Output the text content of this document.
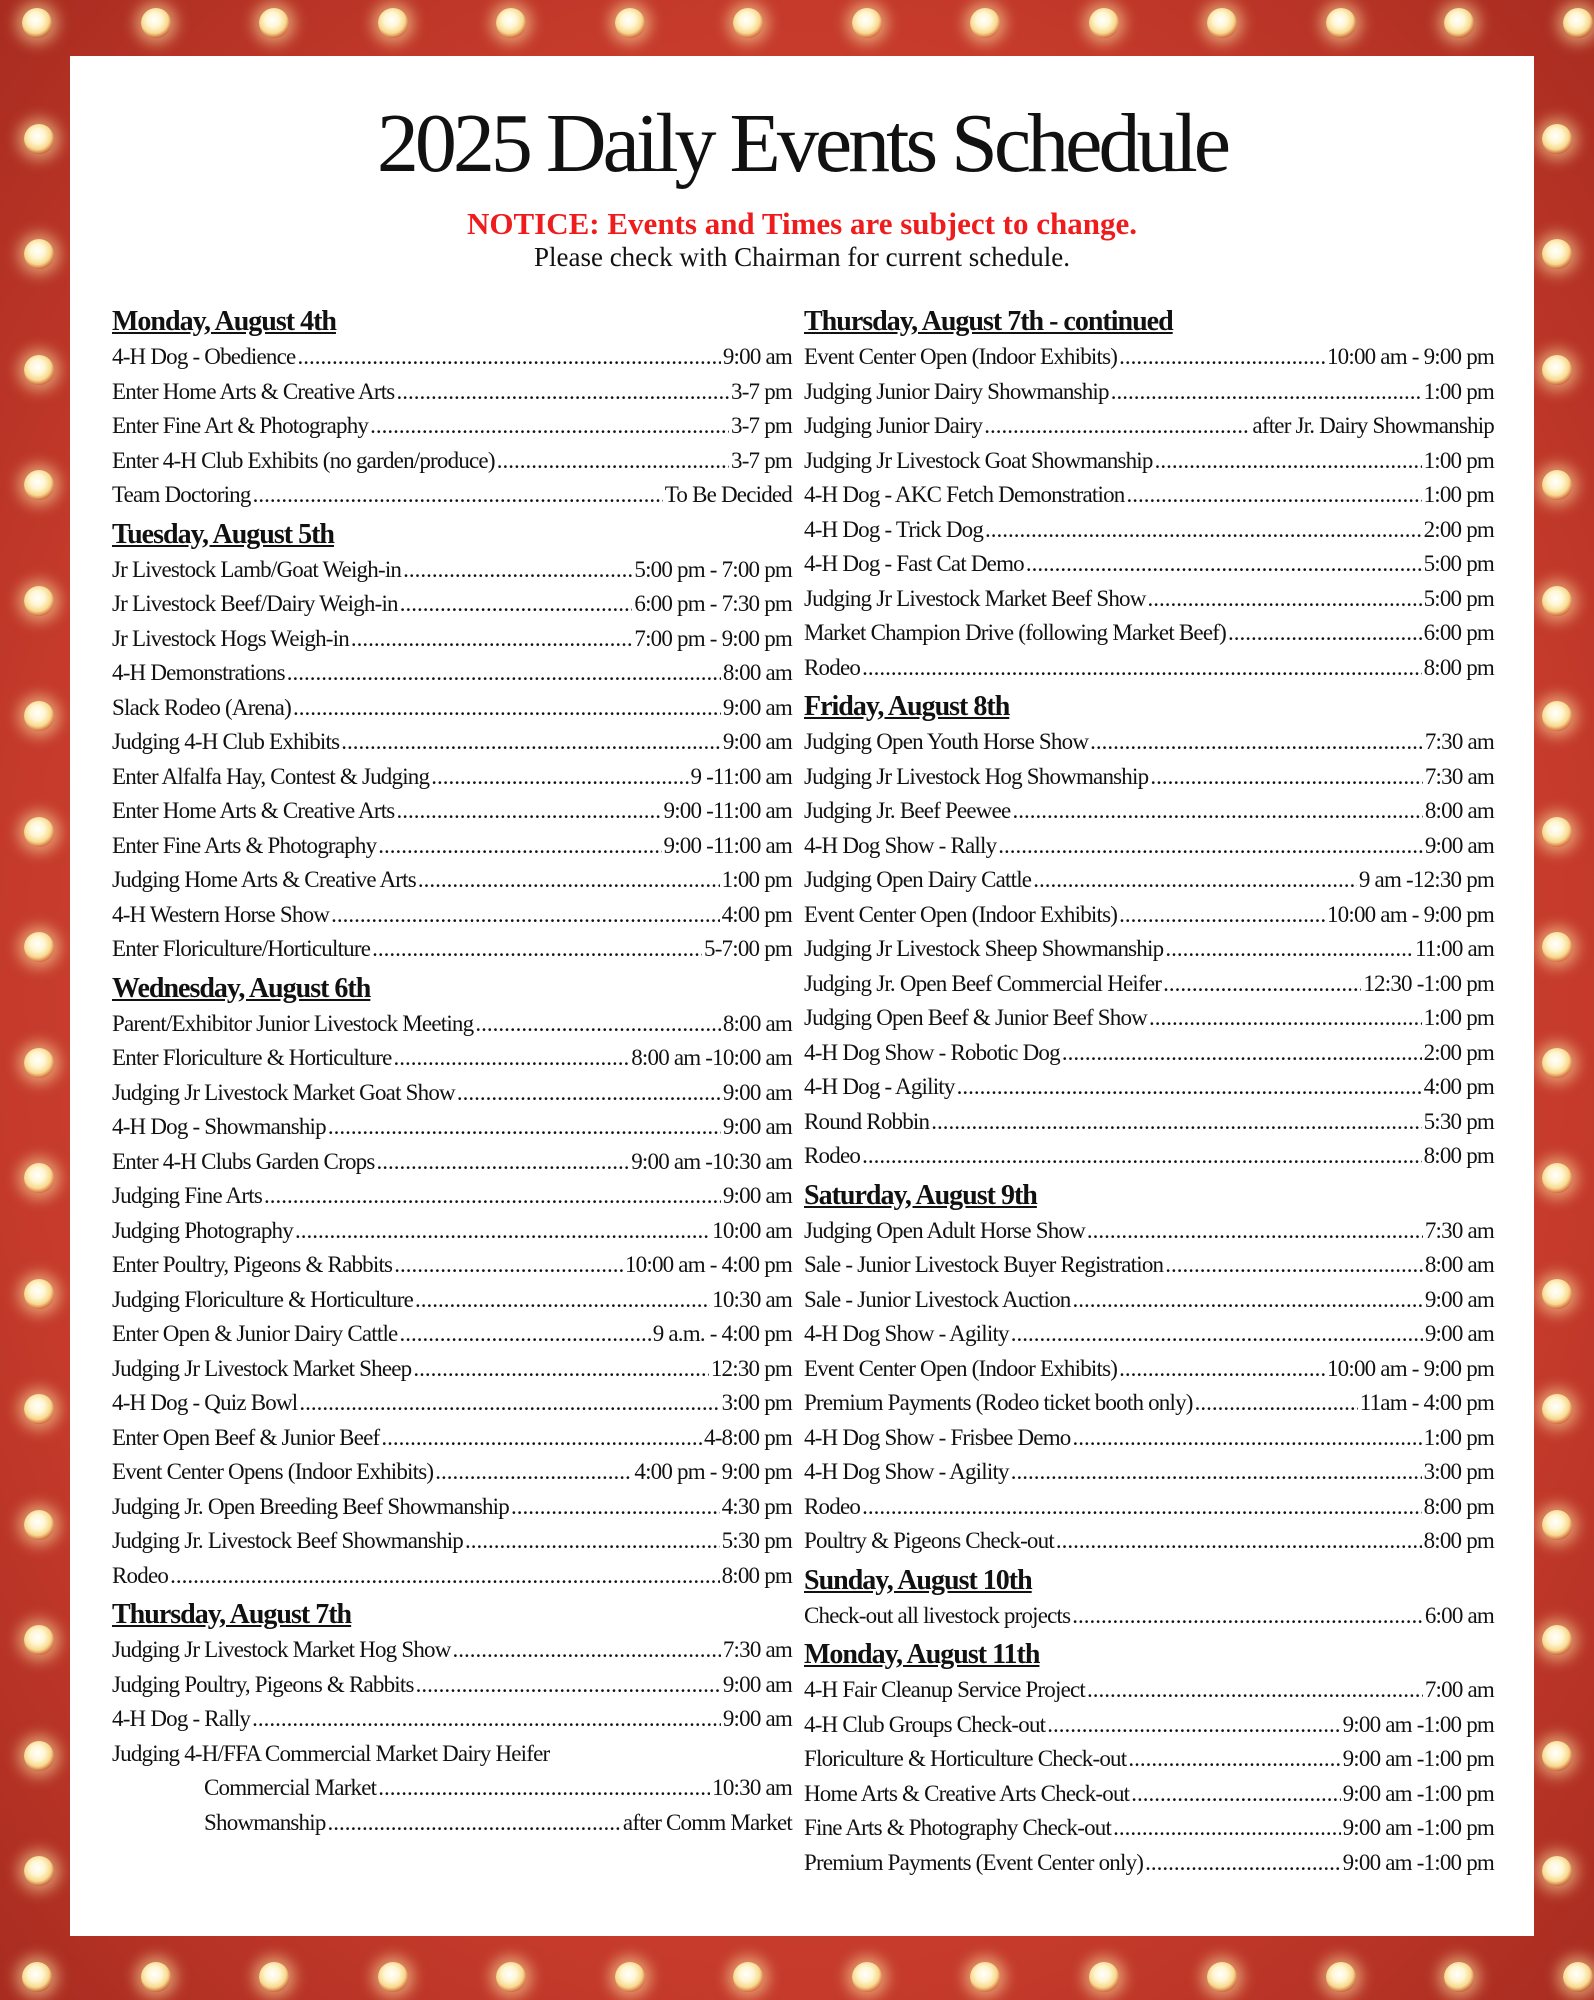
2025 Daily Events Schedule
NOTICE: Events and Times are subject to change.
Please check with Chairman for current schedule.
Monday, August 4th
4-H Dog - Obedience .....	9:00 am
Enter Home Arts & Creative Arts .....	3-7 pm
Enter Fine Art & Photography .....	3-7 pm
Enter 4-H Club Exhibits (no garden/produce) .....	3-7 pm
Team Doctoring .....	To Be Decided
Tuesday, August 5th
Jr Livestock Lamb/Goat Weigh-in .....	5:00 pm - 7:00 pm
Jr Livestock Beef/Dairy Weigh-in .....	6:00 pm - 7:30 pm
Jr Livestock Hogs Weigh-in .....	7:00 pm - 9:00 pm
4-H Demonstrations .....	8:00 am
Slack Rodeo (Arena) .....	9:00 am
Judging 4-H Club Exhibits .....	9:00 am
Enter Alfalfa Hay, Contest & Judging .....	9 -11:00 am
Enter Home Arts & Creative Arts .....	9:00 -11:00 am
Enter Fine Arts & Photography .....	9:00 -11:00 am
Judging Home Arts & Creative Arts .....	1:00 pm
4-H Western Horse Show .....	4:00 pm
Enter Floriculture/Horticulture .....	5-7:00 pm
Wednesday, August 6th
Parent/Exhibitor Junior Livestock Meeting .....	8:00 am
Enter Floriculture & Horticulture .....	8:00 am -10:00 am
Judging Jr Livestock Market Goat Show .....	9:00 am
4-H Dog - Showmanship .....	9:00 am
Enter 4-H Clubs Garden Crops .....	9:00 am -10:30 am
Judging Fine Arts .....	9:00 am
Judging Photography .....	10:00 am
Enter Poultry, Pigeons & Rabbits .....	10:00 am - 4:00 pm
Judging Floriculture & Horticulture .....	10:30 am
Enter Open & Junior Dairy Cattle .....	9 a.m. - 4:00 pm
Judging Jr Livestock Market Sheep .....	12:30 pm
4-H Dog - Quiz Bowl .....	3:00 pm
Enter Open Beef & Junior Beef .....	4-8:00 pm
Event Center Opens (Indoor Exhibits) .....	4:00 pm - 9:00 pm
Judging Jr. Open Breeding Beef Showmanship .....	4:30 pm
Judging Jr. Livestock Beef Showmanship .....	5:30 pm
Rodeo .....	8:00 pm
Thursday, August 7th
Judging Jr Livestock Market Hog Show .....	7:30 am
Judging Poultry, Pigeons & Rabbits .....	9:00 am
4-H Dog - Rally .....	9:00 am
Judging 4-H/FFA Commercial Market Dairy Heifer
Commercial Market .....	10:30 am
Showmanship .....	after Comm Market
Thursday, August 7th - continued
Event Center Open (Indoor Exhibits) .....	10:00 am - 9:00 pm
Judging Junior Dairy Showmanship .....	1:00 pm
Judging Junior Dairy .....	after Jr. Dairy Showmanship
Judging Jr Livestock Goat Showmanship .....	1:00 pm
4-H Dog - AKC Fetch Demonstration .....	1:00 pm
4-H Dog - Trick Dog .....	2:00 pm
4-H Dog - Fast Cat Demo .....	5:00 pm
Judging Jr Livestock Market Beef Show .....	5:00 pm
Market Champion Drive (following Market Beef) .....	6:00 pm
Rodeo .....	8:00 pm
Friday, August 8th
Judging Open Youth Horse Show .....	7:30 am
Judging Jr Livestock Hog Showmanship .....	7:30 am
Judging Jr. Beef Peewee .....	8:00 am
4-H Dog Show - Rally .....	9:00 am
Judging Open Dairy Cattle .....	9 am -12:30 pm
Event Center Open (Indoor Exhibits) .....	10:00 am - 9:00 pm
Judging Jr Livestock Sheep Showmanship .....	11:00 am
Judging Jr. Open Beef Commercial Heifer .....	12:30 -1:00 pm
Judging Open Beef & Junior Beef Show .....	1:00 pm
4-H Dog Show - Robotic Dog .....	2:00 pm
4-H Dog - Agility .....	4:00 pm
Round Robbin .....	5:30 pm
Rodeo .....	8:00 pm
Saturday, August 9th
Judging Open Adult Horse Show .....	7:30 am
Sale - Junior Livestock Buyer Registration .....	8:00 am
Sale - Junior Livestock Auction .....	9:00 am
4-H Dog Show - Agility .....	9:00 am
Event Center Open (Indoor Exhibits) .....	10:00 am - 9:00 pm
Premium Payments (Rodeo ticket booth only) .....	11am - 4:00 pm
4-H Dog Show - Frisbee Demo .....	1:00 pm
4-H Dog Show - Agility .....	3:00 pm
Rodeo .....	8:00 pm
Poultry & Pigeons Check-out .....	8:00 pm
Sunday, August 10th
Check-out all livestock projects .....	6:00 am
Monday, August 11th
4-H Fair Cleanup Service Project .....	7:00 am
4-H Club Groups Check-out .....	9:00 am -1:00 pm
Floriculture & Horticulture Check-out .....	9:00 am -1:00 pm
Home Arts & Creative Arts Check-out .....	9:00 am -1:00 pm
Fine Arts & Photography Check-out .....	9:00 am -1:00 pm
Premium Payments (Event Center only) .....	9:00 am -1:00 pm
